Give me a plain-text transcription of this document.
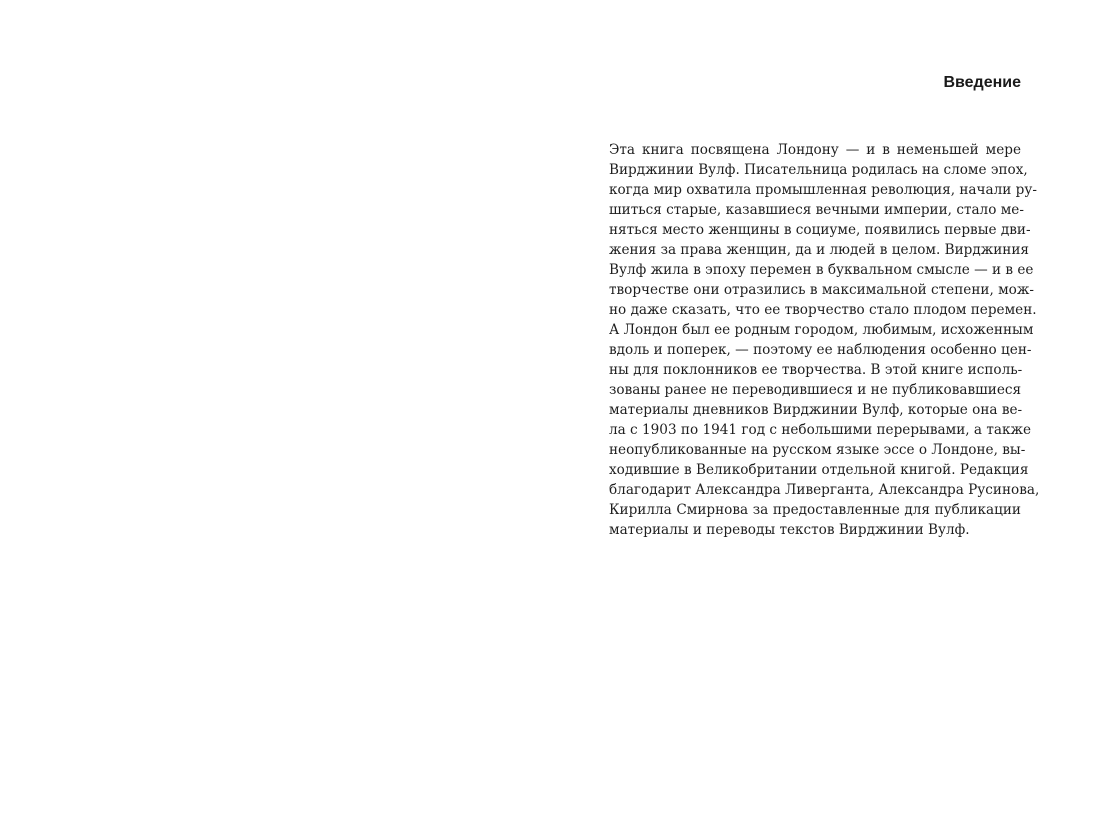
Введение
Эта книга посвящена Лондону — и в неменьшей мере
Вирджинии Вулф. Писательница родилась на сломе эпох,
когда мир охватила промышленная революция, начали ру-
шиться старые, казавшиеся вечными империи, стало ме-
няться место женщины в социуме, появились первые дви-
жения за права женщин, да и людей в целом. Вирджиния
Вулф жила в эпоху перемен в буквальном смысле — и в ее
творчестве они отразились в максимальной степени, мож-
но даже сказать, что ее творчество стало плодом перемен.
А Лондон был ее родным городом, любимым, исхоженным
вдоль и поперек, — поэтому ее наблюдения особенно цен-
ны для поклонников ее творчества. В этой книге исполь-
зованы ранее не переводившиеся и не публиковавшиеся
материалы дневников Вирджинии Вулф, которые она ве-
ла с 1903 по 1941 год с небольшими перерывами, а также
неопубликованные на русском языке эссе о Лондоне, вы-
ходившие в Великобритании отдельной книгой. Редакция
благодарит Александра Ливерганта, Александра Русинова,
Кирилла Смирнова за предоставленные для публикации
материалы и переводы текстов Вирджинии Вулф.
